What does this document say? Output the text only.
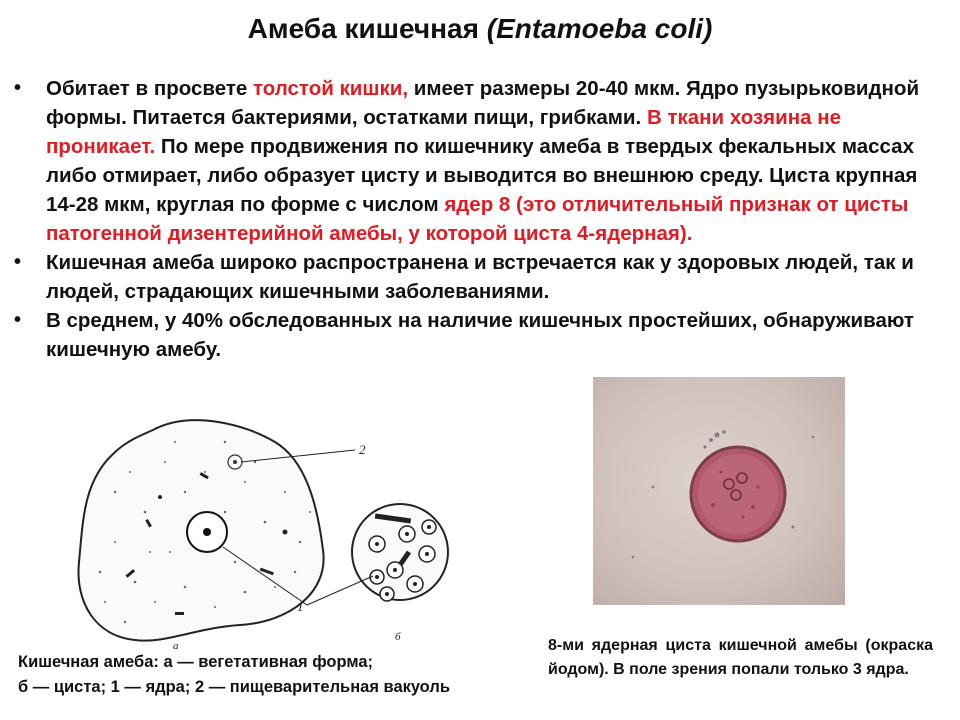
Амеба кишечная (Entamoeba coli)
•	Обитает в просвете толстой кишки, имеет размеры 20-40 мкм. Ядро пузырьковидной формы. Питается бактериями, остатками пищи, грибками. В ткани хозяина не проникает. По мере продвижения по кишечнику амеба в твердых фекальных массах либо отмирает, либо образует цисту и выводится во внешнюю среду. Циста крупная 14-28 мкм, круглая по форме с числом ядер 8 (это отличительный признак от цисты патогенной дизентерийной амебы, у которой циста 4-ядерная).
•	Кишечная амеба широко распространена и встречается как у здоровых людей, так и людей, страдающих кишечными заболеваниями.
•	В среднем, у 40% обследованных на наличие кишечных простейших, обнаруживают кишечную амебу.
2
1
а
б
Кишечная амеба: а — вегетативная форма;
б — циста; 1 — ядра; 2 — пищеварительная вакуоль
8-ми ядерная циста кишечной амебы (окраска йодом). В поле зрения попали только 3 ядра.
